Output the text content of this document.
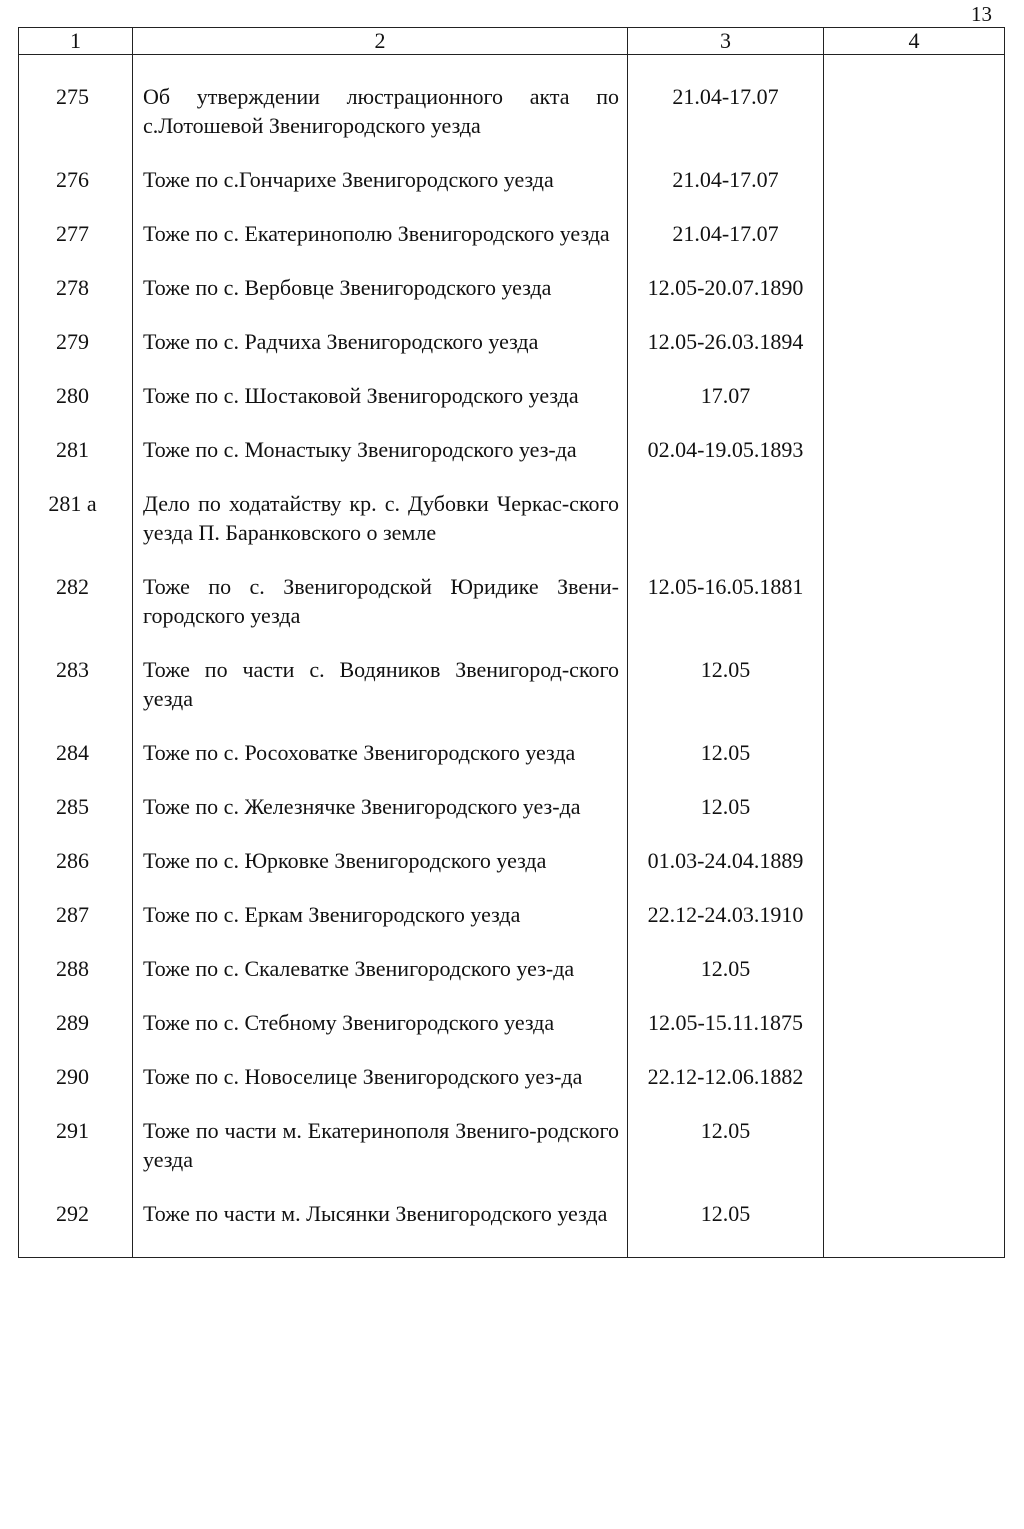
13
1	2	3	4
275	Об утверждении люстрационного акта по с.Лотошевой Звенигородского уезда	21.04-17.07	
276	Тоже по с.Гончарихе Звенигородского уезда	21.04-17.07	
277	Тоже по с. Екатеринополю Звенигородского уезда	21.04-17.07	
278	Тоже по с. Вербовце Звенигородского уезда	12.05-20.07.1890	
279	Тоже по с. Радчиха Звенигородского уезда	12.05-26.03.1894	
280	Тоже по с. Шостаковой Звенигородского уезда	17.07	
281	Тоже по с. Монастыку Звенигородского уез-да	02.04-19.05.1893	
281 а	Дело по ходатайству кр. с. Дубовки Черкас-ского уезда П. Баранковского о земле		
282	Тоже по с. Звенигородской Юридике Звени-городского уезда	12.05-16.05.1881	
283	Тоже по части с. Водяников Звенигород-ского уезда	12.05	
284	Тоже по с. Росоховатке Звенигородского уезда	12.05	
285	Тоже по с. Железнячке Звенигородского уез-да	12.05	
286	Тоже по с. Юрковке Звенигородского уезда	01.03-24.04.1889	
287	Тоже по с. Еркам Звенигородского уезда	22.12-24.03.1910	
288	Тоже по с. Скалеватке Звенигородского уез-да	12.05	
289	Тоже по с. Стебному Звенигородского уезда	12.05-15.11.1875	
290	Тоже по с. Новоселице Звенигородского уез-да	22.12-12.06.1882	
291	Тоже по части м. Екатеринополя Звениго-родского уезда	12.05	
292	Тоже по части м. Лысянки Звенигородского уезда	12.05	
